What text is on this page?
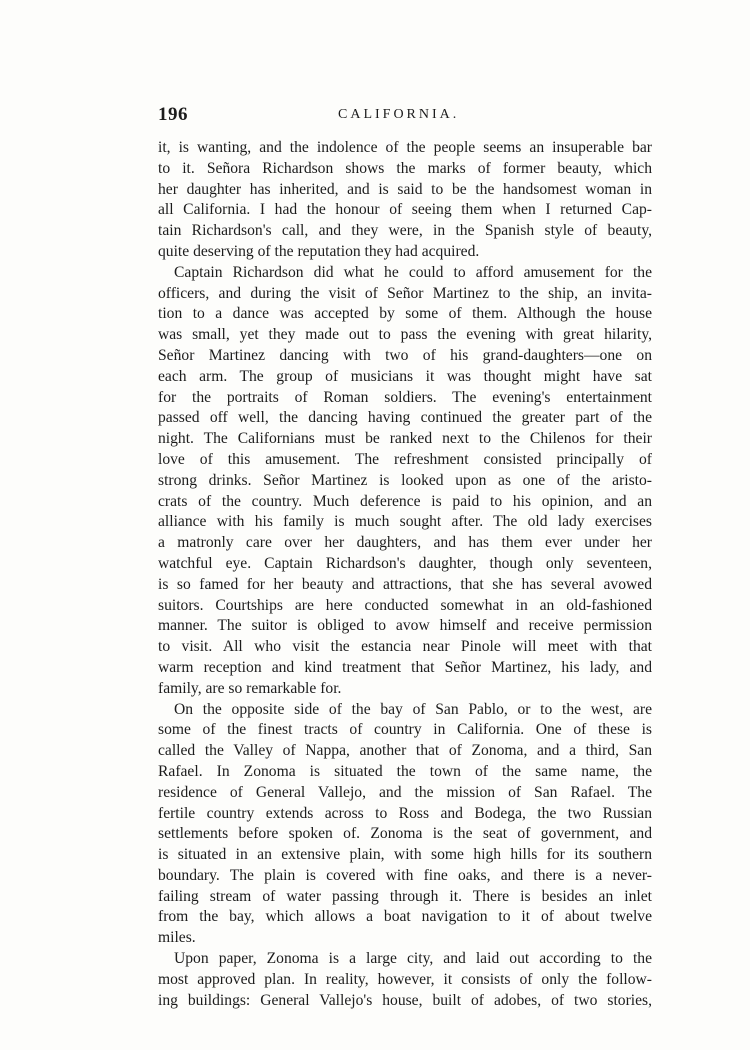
196	CALIFORNIA.
it, is wanting, and the indolence of the people seems an insuperable bar
to it. Señora Richardson shows the marks of former beauty, which
her daughter has inherited, and is said to be the handsomest woman in
all California. I had the honour of seeing them when I returned Cap-
tain Richardson's call, and they were, in the Spanish style of beauty,
quite deserving of the reputation they had acquired.
Captain Richardson did what he could to afford amusement for the
officers, and during the visit of Señor Martinez to the ship, an invita-
tion to a dance was accepted by some of them. Although the house
was small, yet they made out to pass the evening with great hilarity,
Señor Martinez dancing with two of his grand-daughters—one on
each arm. The group of musicians it was thought might have sat
for the portraits of Roman soldiers. The evening's entertainment
passed off well, the dancing having continued the greater part of the
night. The Californians must be ranked next to the Chilenos for their
love of this amusement. The refreshment consisted principally of
strong drinks. Señor Martinez is looked upon as one of the aristo-
crats of the country. Much deference is paid to his opinion, and an
alliance with his family is much sought after. The old lady exercises
a matronly care over her daughters, and has them ever under her
watchful eye. Captain Richardson's daughter, though only seventeen,
is so famed for her beauty and attractions, that she has several avowed
suitors. Courtships are here conducted somewhat in an old-fashioned
manner. The suitor is obliged to avow himself and receive permission
to visit. All who visit the estancia near Pinole will meet with that
warm reception and kind treatment that Señor Martinez, his lady, and
family, are so remarkable for.
On the opposite side of the bay of San Pablo, or to the west, are
some of the finest tracts of country in California. One of these is
called the Valley of Nappa, another that of Zonoma, and a third, San
Rafael. In Zonoma is situated the town of the same name, the
residence of General Vallejo, and the mission of San Rafael. The
fertile country extends across to Ross and Bodega, the two Russian
settlements before spoken of. Zonoma is the seat of government, and
is situated in an extensive plain, with some high hills for its southern
boundary. The plain is covered with fine oaks, and there is a never-
failing stream of water passing through it. There is besides an inlet
from the bay, which allows a boat navigation to it of about twelve
miles.
Upon paper, Zonoma is a large city, and laid out according to the
most approved plan. In reality, however, it consists of only the follow-
ing buildings: General Vallejo's house, built of adobes, of two stories,
